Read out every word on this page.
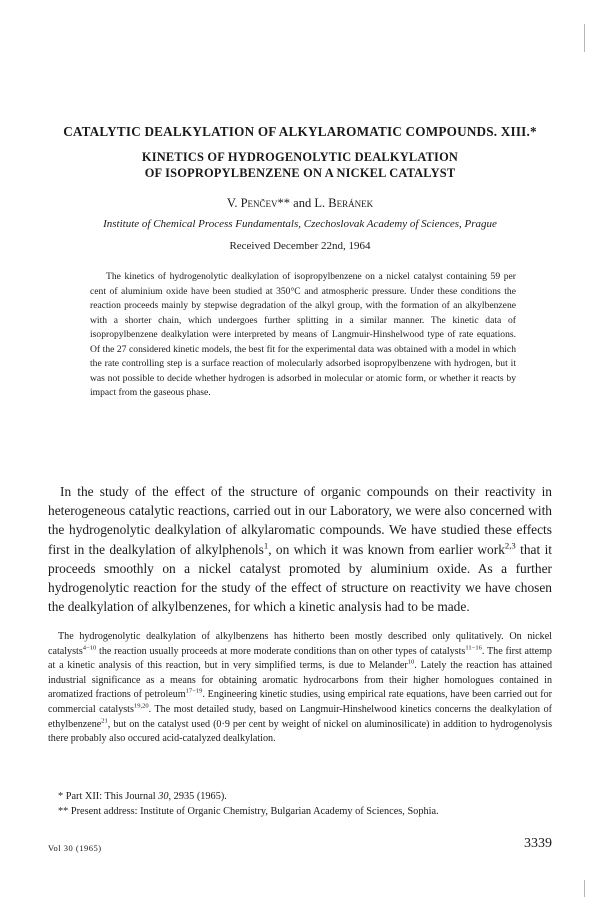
CATALYTIC DEALKYLATION OF ALKYLAROMATIC COMPOUNDS. XIII.*
KINETICS OF HYDROGENOLYTIC DEALKYLATION
OF ISOPROPYLBENZENE ON A NICKEL CATALYST
V. Penčev** and L. Beránek
Institute of Chemical Process Fundamentals, Czechoslovak Academy of Sciences, Prague
Received December 22nd, 1964

The kinetics of hydrogenolytic dealkylation of isopropylbenzene on a nickel catalyst containing 59 per cent of aluminium oxide have been studied at 350°C and atmospheric pressure. Under these conditions the reaction proceeds mainly by stepwise degradation of the alkyl group, with the formation of an alkylbenzene with a shorter chain, which undergoes further splitting in a similar manner. The kinetic data of isopropylbenzene dealkylation were interpreted by means of Langmuir-Hinshelwood type of rate equations. Of the 27 considered kinetic models, the best fit for the experimental data was obtained with a model in which the rate controlling step is a surface reaction of molecularly adsorbed isopropylbenzene with hydrogen, but it was not possible to decide whether hydrogen is adsorbed in molecular or atomic form, or whether it reacts by impact from the gaseous phase.

In the study of the effect of the structure of organic compounds on their reactivity in heterogeneous catalytic reactions, carried out in our Laboratory, we were also concerned with the hydrogenolytic dealkylation of alkylaromatic compounds. We have studied these effects first in the dealkylation of alkylphenols$^1$, on which it was known from earlier work$^{2,3}$ that it proceeds smoothly on a nickel catalyst promoted by aluminium oxide. As a further hydrogenolytic reaction for the study of the effect of structure on reactivity we have chosen the dealkylation of alkylbenzenes, for which a kinetic analysis had to be made.

The hydrogenolytic dealkylation of alkylbenzens has hitherto been mostly described only qulitatively. On nickel catalysts$^{4-10}$ the reaction usually proceeds at more moderate conditions than on other types of catalysts$^{11-16}$. The first attemp at a kinetic analysis of this reaction, but in very simplified terms, is due to Melander$^{10}$. Lately the reaction has attained industrial significance as a means for obtaining aromatic hydrocarbons from their higher homologues contained in aromatized fractions of petroleum$^{17-19}$. Engineering kinetic studies, using empirical rate equations, have been carried out for commercial catalysts$^{19,20}$. The most detailed study, based on Langmuir-Hinshelwood kinetics concerns the dealkylation of ethylbenzene$^{21}$, but on the catalyst used (0·9 per cent by weight of nickel on aluminosilicate) in addition to hydrogenolysis there probably also occured acid-catalyzed dealkylation.

* Part XII: This Journal 30, 2935 (1965).

** Present address: Institute of Organic Chemistry, Bulgarian Academy of Sciences, Sophia.

Vol 30 (1965)	3339
